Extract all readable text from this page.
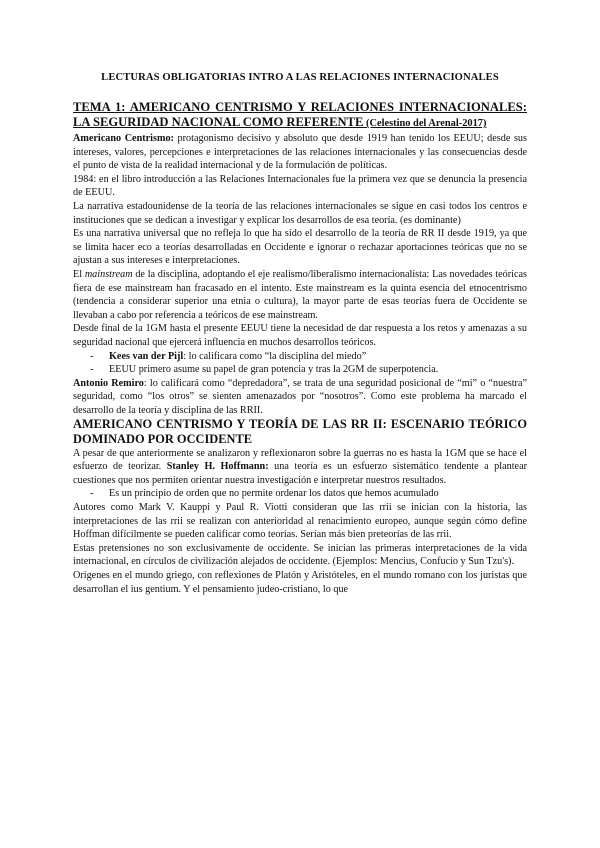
LECTURAS OBLIGATORIAS INTRO A LAS RELACIONES INTERNACIONALES
TEMA 1: AMERICANO CENTRISMO Y RELACIONES INTERNACIONALES: LA SEGURIDAD NACIONAL COMO REFERENTE (Celestino del Arenal-2017)

Americano Centrismo: protagonismo decisivo y absoluto que desde 1919 han tenido los EEUU; desde sus intereses, valores, percepciones e interpretaciones de las relaciones internacionales y las consecuencias desde el punto de vista de la realidad internacional y de la formulación de políticas.

1984: en el libro introducción a las Relaciones Internacionales fue la primera vez que se denuncia la presencia de EEUU.

La narrativa estadounidense de la teoría de las relaciones internacionales se sigue en casi todos los centros e instituciones que se dedican a investigar y explicar los desarrollos de esa teoría. (es dominante)

Es una narrativa universal que no refleja lo que ha sido el desarrollo de la teoría de RR II desde 1919, ya que se limita hacer eco a teorías desarrolladas en Occidente e ignorar o rechazar aportaciones teóricas que no se ajustan a sus intereses e interpretaciones.

El mainstream de la disciplina, adoptando el eje realismo/liberalismo internacionalista: Las novedades teóricas fiera de ese mainstream han fracasado en el intento. Este mainstream es la quinta esencia del etnocentrismo (tendencia a considerar superior una etnia o cultura), la mayor parte de esas teorías fuera de Occidente se llevaban a cabo por referencia a teóricos de ese mainstream.

Desde final de la 1GM hasta el presente EEUU tiene la necesidad de dar respuesta a los retos y amenazas a su seguridad nacional que ejercerá influencia en muchos desarrollos teóricos.

- Kees van der Pijl: lo calificara como “la disciplina del miedo”
- EEUU primero asume su papel de gran potencia y tras la 2GM de superpotencia.

Antonio Remiro: lo calificará como “depredadora”, se trata de una seguridad posicional de “mi” o “nuestra” seguridad, como “los otros” se sienten amenazados por “nosotros”. Como este problema ha marcado el desarrollo de la teoría y disciplina de las RRII.

AMERICANO CENTRISMO Y TEORÍA DE LAS RR II: ESCENARIO TEÓRICO DOMINADO POR OCCIDENTE

A pesar de que anteriormente se analizaron y reflexionaron sobre la guerras no es hasta la 1GM que se hace el esfuerzo de teorizar. Stanley H. Hoffmann: una teoría es un esfuerzo sistemático tendente a plantear cuestiones que nos permiten orientar nuestra investigación e interpretar nuestros resultados.

- Es un principio de orden que no permite ordenar los datos que hemos acumulado

Autores como Mark V. Kauppi y Paul R. Viotti consideran que las rrii se inician con la historia, las interpretaciones de las rrii se realizan con anterioridad al renacimiento europeo, aunque según cómo define Hoffman difícilmente se pueden calificar como teorías. Serían más bien preteorías de las rrii.

Estas pretensiones no son exclusivamente de occidente. Se inician las primeras interpretaciones de la vida internacional, en círculos de civilización alejados de occidente. (Ejemplos: Mencius, Confucio y Sun Tzu's).

Orígenes en el mundo griego, con reflexiones de Platón y Aristóteles, en el mundo romano con los juristas que desarrollan el ius gentium. Y el pensamiento judeo-cristiano, lo que
